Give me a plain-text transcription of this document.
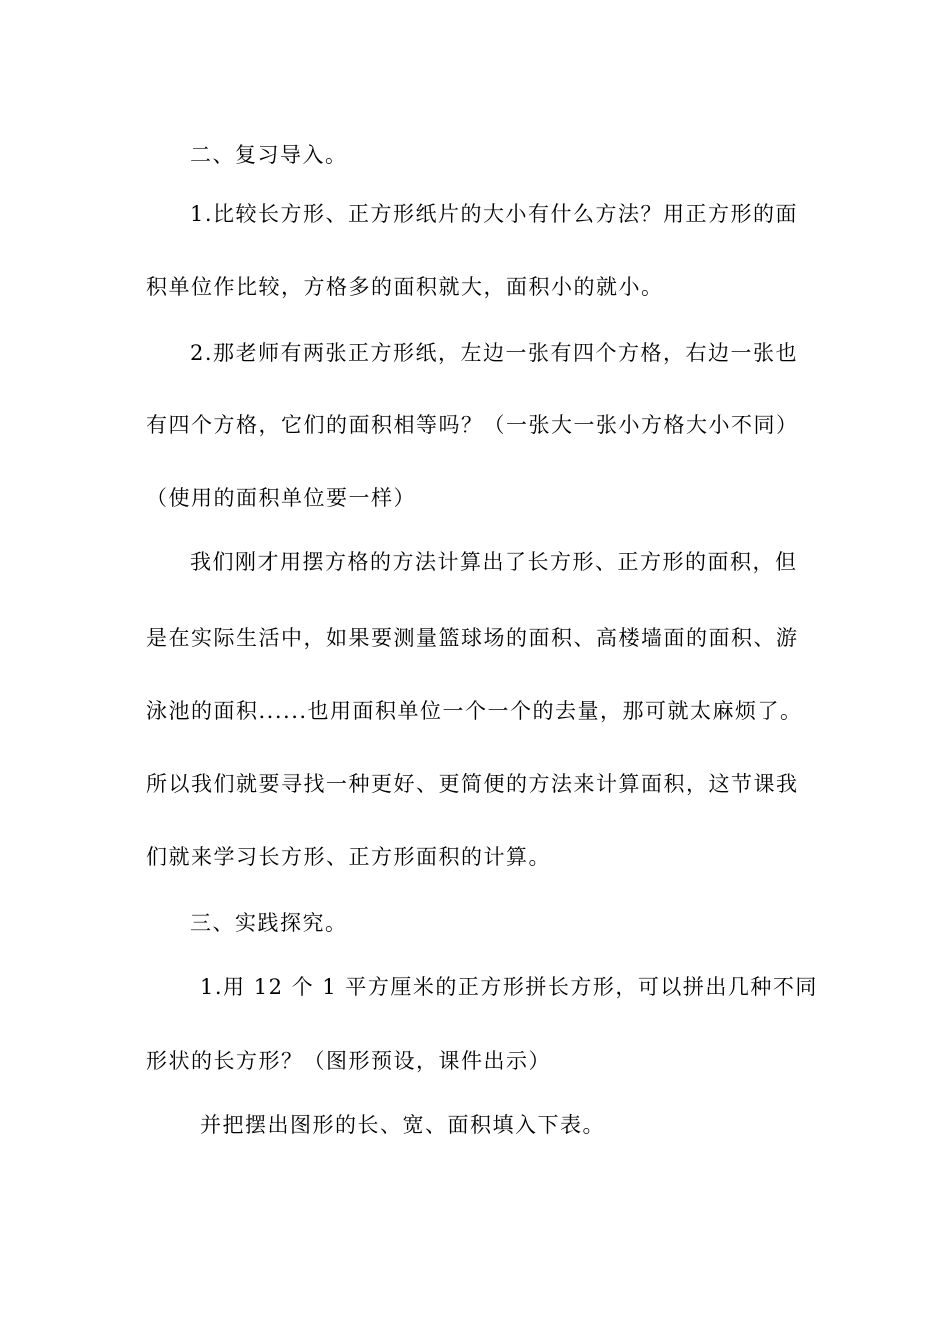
二、复习导入。
1.比较长方形、正方形纸片的大小有什么方法？用正方形的面
积单位作比较，方格多的面积就大，面积小的就小。
2.那老师有两张正方形纸，左边一张有四个方格，右边一张也
有四个方格，它们的面积相等吗？（一张大一张小方格大小不同）
（使用的面积单位要一样）
我们刚才用摆方格的方法计算出了长方形、正方形的面积，但
是在实际生活中，如果要测量篮球场的面积、高楼墙面的面积、游
泳池的面积......也用面积单位一个一个的去量，那可就太麻烦了。
所以我们就要寻找一种更好、更简便的方法来计算面积，这节课我
们就来学习长方形、正方形面积的计算。
三、实践探究。
1.用 12 个 1 平方厘米的正方形拼长方形，可以拼出几种不同
形状的长方形？（图形预设，课件出示）
并把摆出图形的长、宽、面积填入下表。
